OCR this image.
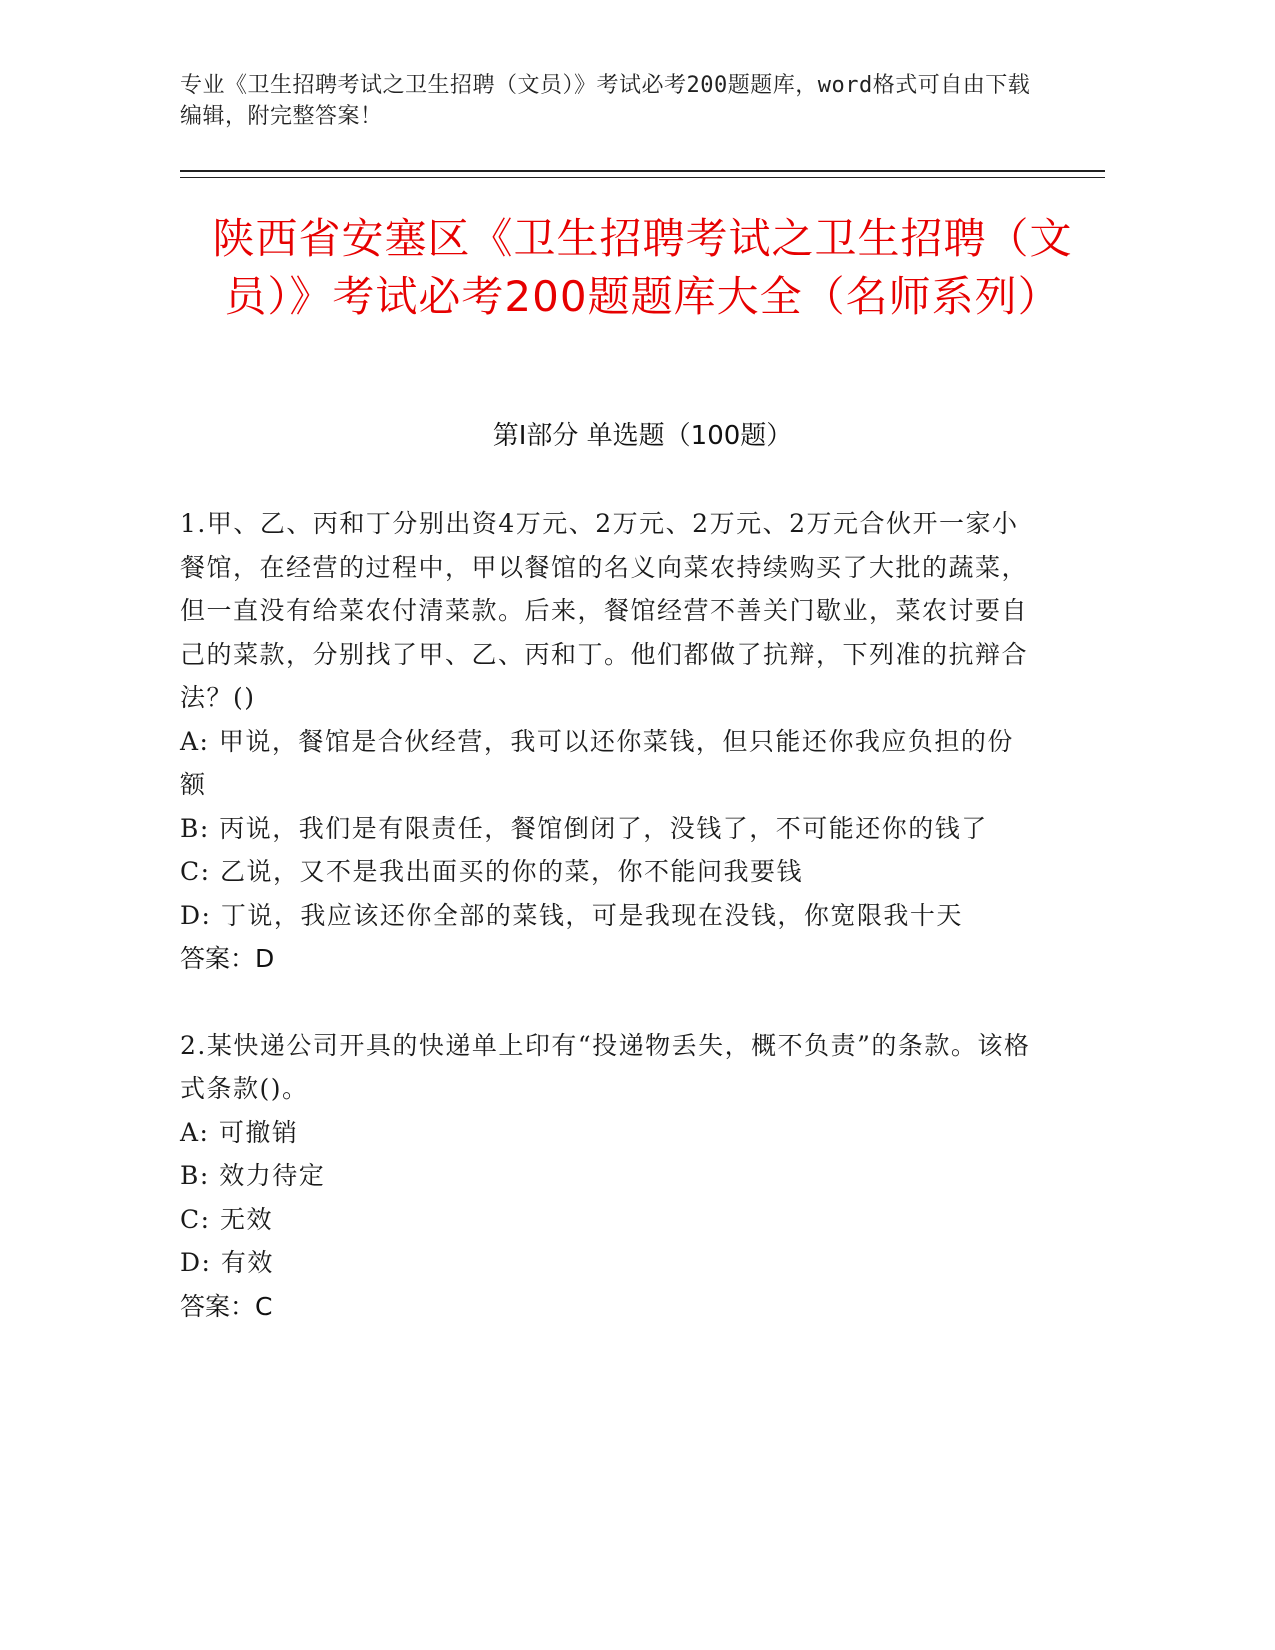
专业《卫生招聘考试之卫生招聘（文员）》考试必考200题题库，word格式可自由下载编辑，附完整答案！
陕西省安塞区《卫生招聘考试之卫生招聘（文员）》考试必考200题题库大全（名师系列）
第I部分 单选题（100题）
1.甲、乙、丙和丁分别出资4万元、2万元、2万元、2万元合伙开一家小餐馆，在经营的过程中，甲以餐馆的名义向菜农持续购买了大批的蔬菜，但一直没有给菜农付清菜款。后来，餐馆经营不善关门歇业，菜农讨要自己的菜款，分别找了甲、乙、丙和丁。他们都做了抗辩，下列准的抗辩合法？()
A: 甲说，餐馆是合伙经营，我可以还你菜钱，但只能还你我应负担的份额
B: 丙说，我们是有限责任，餐馆倒闭了，没钱了，不可能还你的钱了
C: 乙说，又不是我出面买的你的菜，你不能问我要钱
D: 丁说，我应该还你全部的菜钱，可是我现在没钱，你宽限我十天
答案：D
2.某快递公司开具的快递单上印有“投递物丢失，概不负责”的条款。该格式条款()。
A: 可撤销
B: 效力待定
C: 无效
D: 有效
答案：C
